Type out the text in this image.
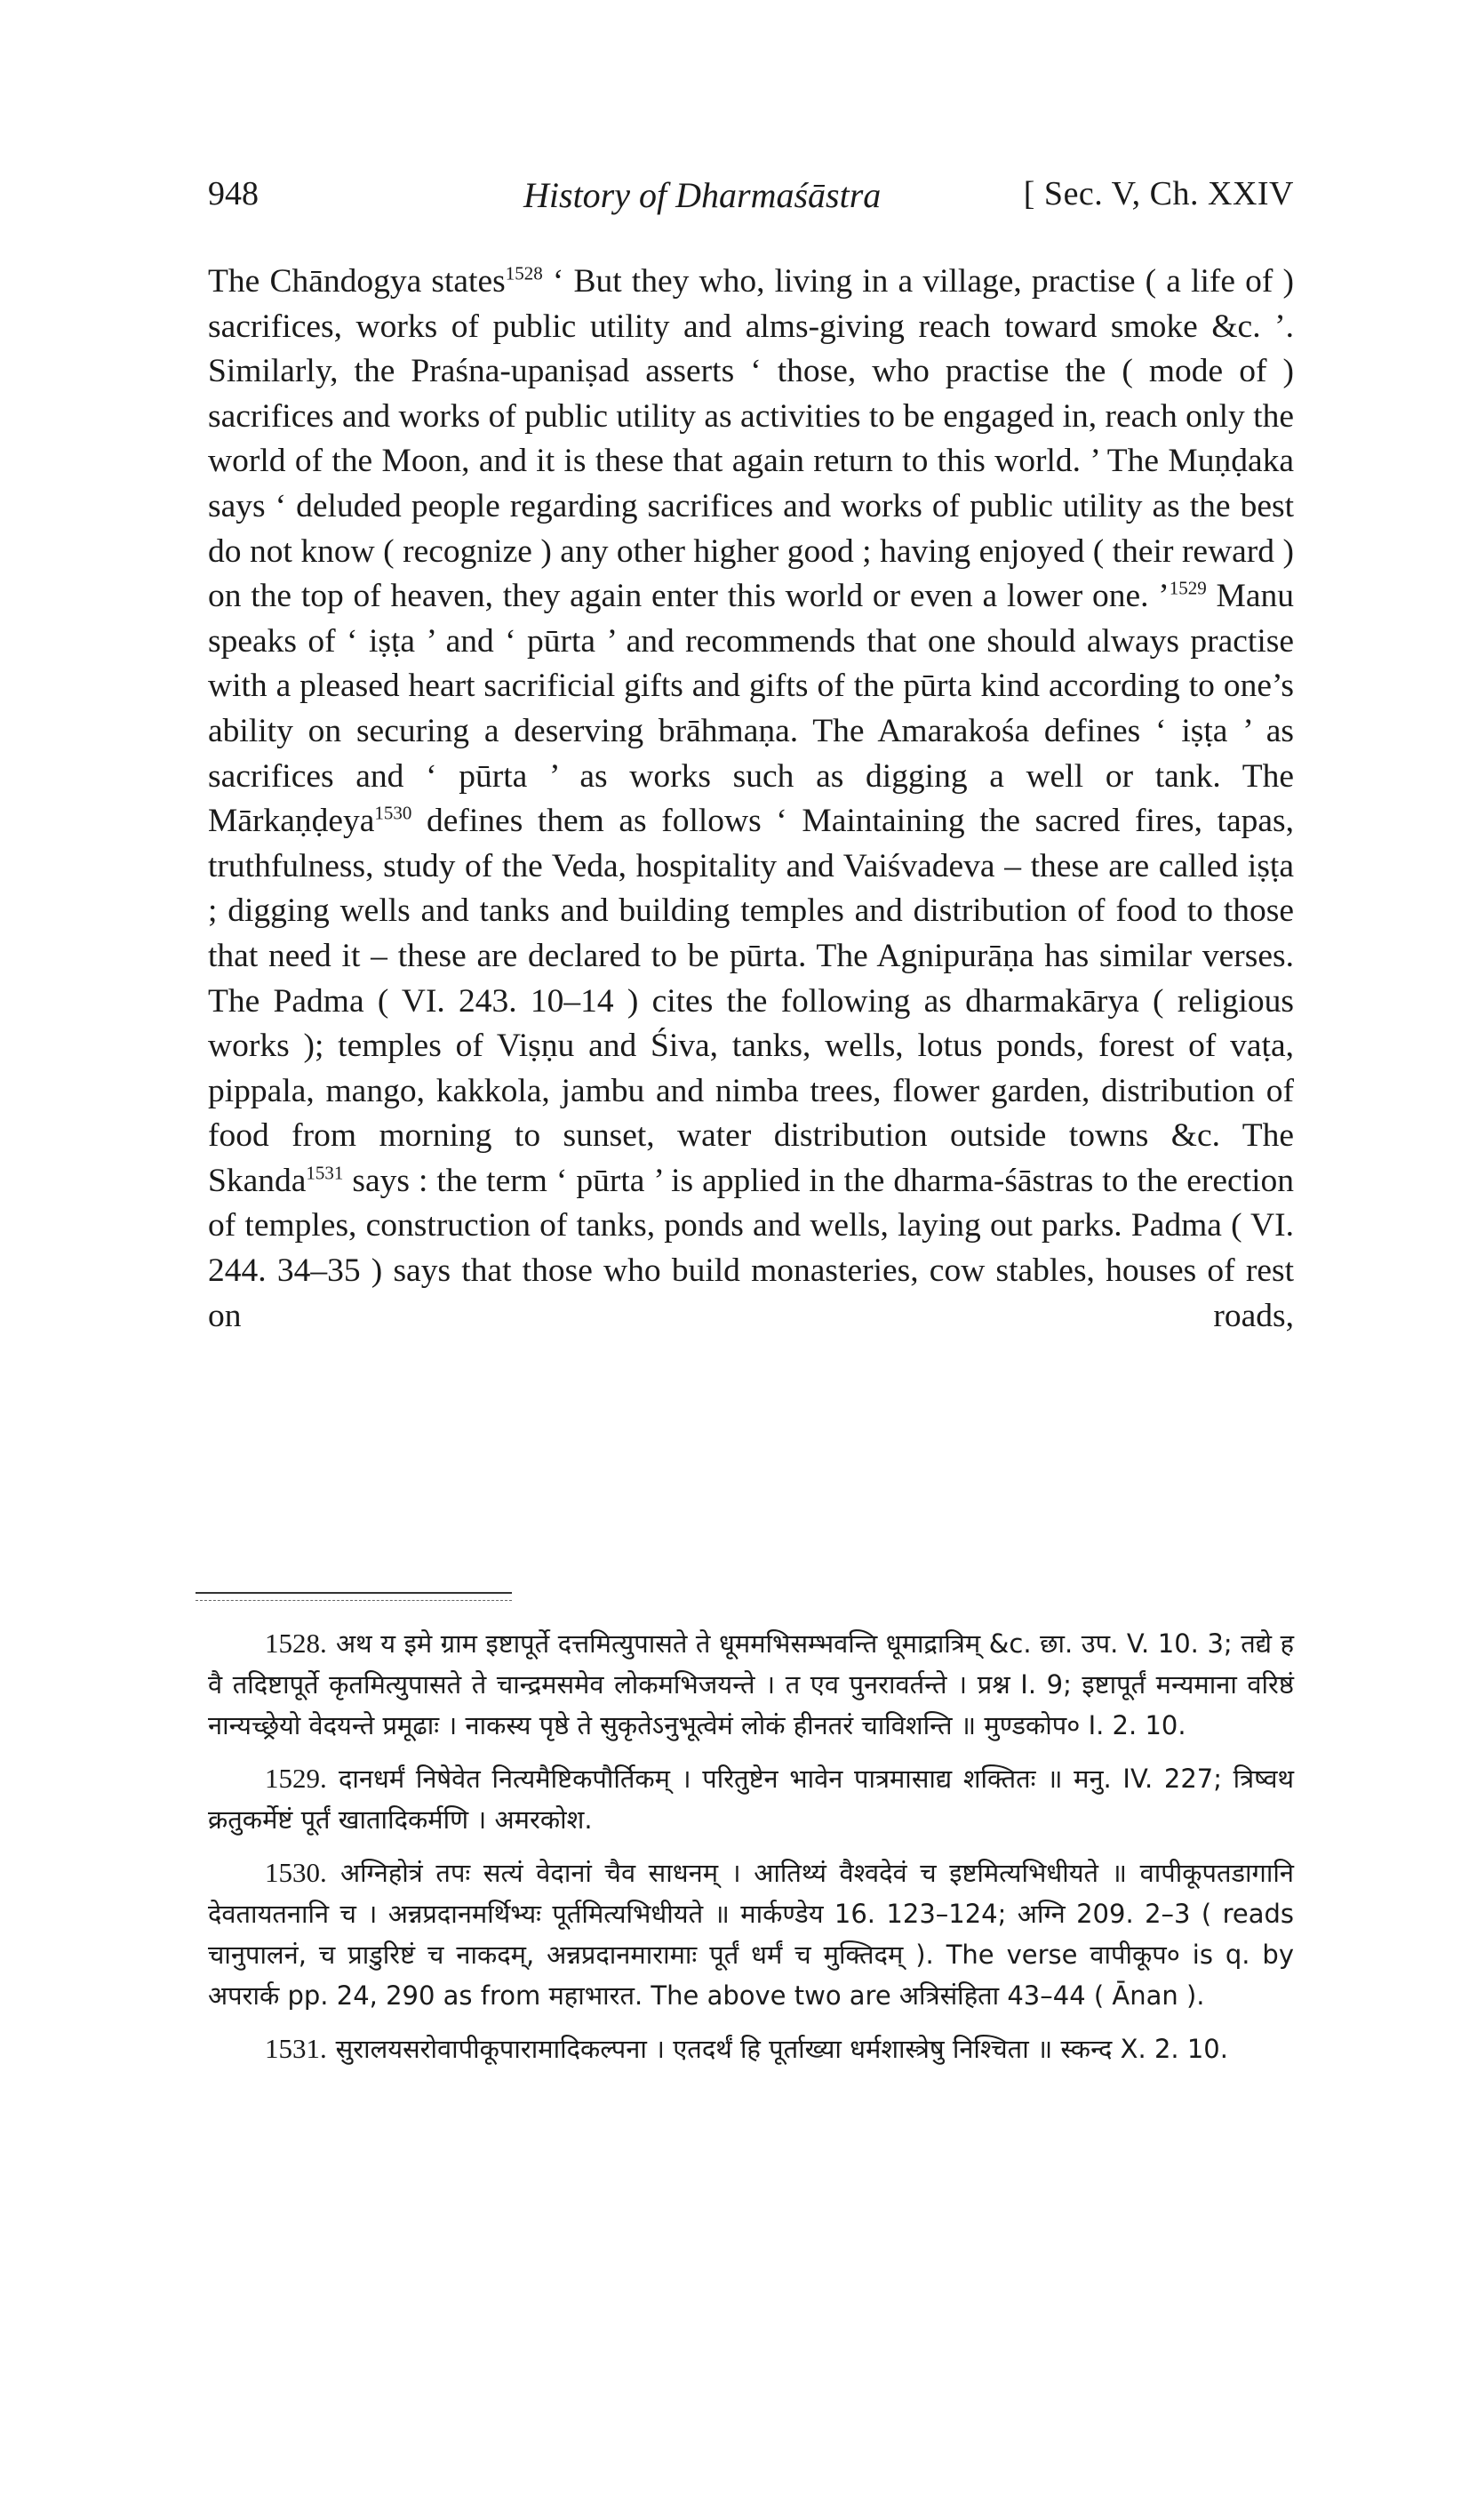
948	History of Dharmaśāstra	[ Sec. V, Ch. XXIV

The Chāndogya states$^{1528}$ ‘ But they who, living in a village, practise ( a life of ) sacrifices, works of public utility and alms-giving reach toward smoke &c. ’. Similarly, the Praśna-upaniṣad asserts ‘ those, who practise the ( mode of ) sacrifices and works of public utility as activities to be engaged in, reach only the world of the Moon, and it is these that again return to this world. ’ The Muṇḍaka says ‘ deluded people regarding sacrifices and works of public utility as the best do not know ( recognize ) any other higher good ; having enjoyed ( their reward ) on the top of heaven, they again enter this world or even a lower one. ’$^{1529}$ Manu speaks of ‘ iṣṭa ’ and ‘ pūrta ’ and recommends that one should always practise with a pleased heart sacrificial gifts and gifts of the pūrta kind according to one’s ability on securing a deserving brāhmaṇa. The Amarakośa defines ‘ iṣṭa ’ as sacrifices and ‘ pūrta ’ as works such as digging a well or tank. The Mārkaṇḍeya$^{1530}$ defines them as follows ‘ Maintaining the sacred fires, tapas, truthfulness, study of the Veda, hospitality and Vaiśvadeva – these are called iṣṭa ; digging wells and tanks and building temples and distribution of food to those that need it – these are declared to be pūrta. The Agnipurāṇa has similar verses. The Padma ( VI. 243. 10–14 ) cites the following as dharmakārya ( religious works ); temples of Viṣṇu and Śiva, tanks, wells, lotus ponds, forest of vaṭa, pippala, mango, kakkola, jambu and nimba trees, flower garden, distribution of food from morning to sunset, water distribution outside towns &c. The Skanda$^{1531}$ says : the term ‘ pūrta ’ is applied in the dharma-śāstras to the erection of temples, construction of tanks, ponds and wells, laying out parks. Padma ( VI. 244. 34–35 ) says that those who build monasteries, cow stables, houses of rest on roads,

1528. अथ य इमे ग्राम इष्टापूर्ते दत्तमित्युपासते ते धूममभिसम्भवन्ति धूमाद्रात्रिम् &c. छा. उप. V. 10. 3; तद्ये ह वै तदिष्टापूर्ते कृतमित्युपासते ते चान्द्रमसमेव लोकमभिजयन्ते । त एव पुनरावर्तन्ते । प्रश्न I. 9; इष्टापूर्तं मन्यमाना वरिष्ठं नान्यच्छ्रेयो वेदयन्ते प्रमूढाः । नाकस्य पृष्ठे ते सुकृतेऽनुभूत्वेमं लोकं हीनतरं चाविशन्ति ॥ मुण्डकोप० I. 2. 10.

1529. दानधर्मं निषेवेत नित्यमैष्टिकपौर्तिकम् । परितुष्टेन भावेन पात्रमासाद्य शक्तितः ॥ मनु. IV. 227; त्रिष्वथ क्रतुकर्मेष्टं पूर्तं खातादिकर्मणि । अमरकोश.

1530. अग्निहोत्रं तपः सत्यं वेदानां चैव साधनम् । आतिथ्यं वैश्वदेवं च इष्टमित्यभिधीयते ॥ वापीकूपतडागानि देवतायतनानि च । अन्नप्रदानमर्थिभ्यः पूर्तमित्यभिधीयते ॥ मार्कण्डेय 16. 123–124; अग्नि 209. 2–3 ( reads चानुपालनं, च प्राडुरिष्टं च नाकदम्, अन्नप्रदानमारामाः पूर्तं धर्मं च मुक्तिदम् ). The verse वापीकूप० is q. by अपरार्क pp. 24, 290 as from महाभारत. The above two are अत्रिसंहिता 43–44 ( Ānan ).

1531. सुरालयसरोवापीकूपारामादिकल्पना । एतदर्थं हि पूर्ताख्या धर्मशास्त्रेषु निश्चिता ॥ स्कन्द X. 2. 10.
